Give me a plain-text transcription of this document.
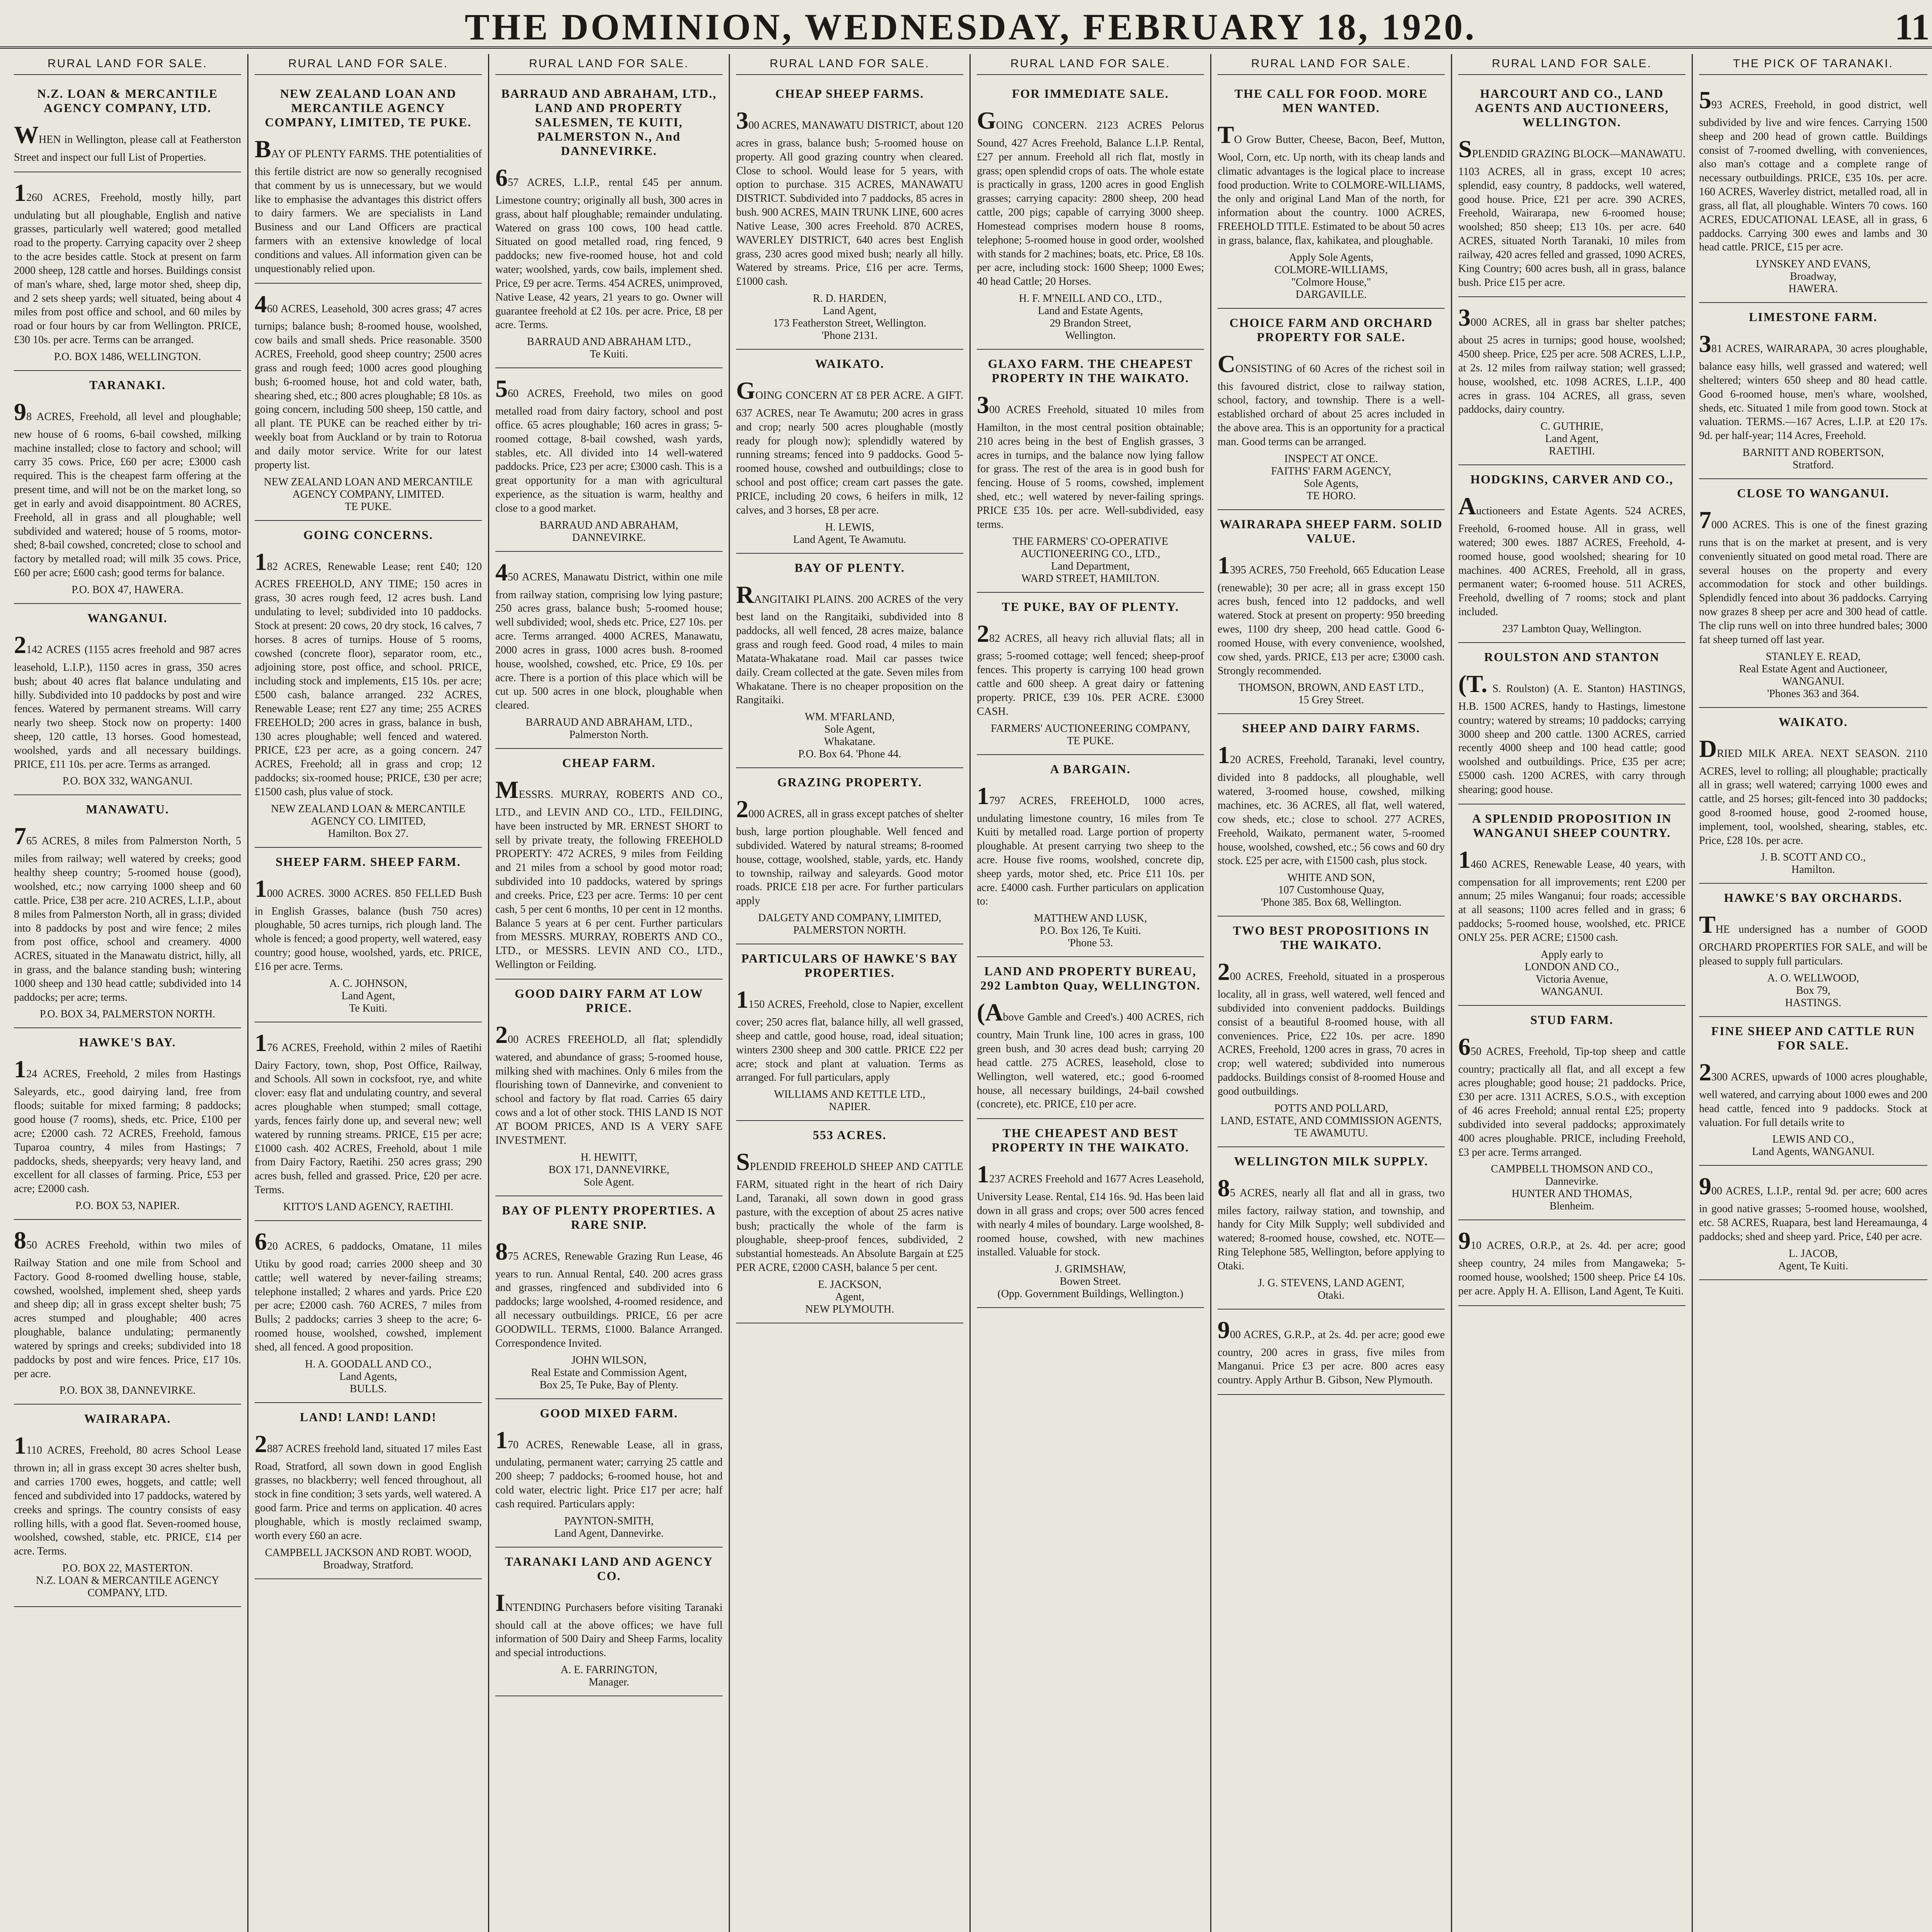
THE DOMINION, WEDNESDAY, FEBRUARY 18, 1920.	11
RURAL LAND FOR SALE.
N.Z. LOAN & MERCANTILE AGENCY COMPANY, LTD.

WHEN in Wellington, please call at Featherston Street and inspect our full List of Properties.

1260 ACRES, Freehold, mostly hilly, part undulating but all ploughable, English and native grasses, particularly well watered; good metalled road to the property. Carrying capacity over 2 sheep to the acre besides cattle. Stock at present on farm 2000 sheep, 128 cattle and horses. Buildings consist of man's whare, shed, large motor shed, sheep dip, and 2 sets sheep yards; well situated, being about 4 miles from post office and school, and 60 miles by road or four hours by car from Wellington. PRICE, £30 10s. per acre. Terms can be arranged.

P.O. BOX 1486, WELLINGTON.
TARANAKI.

98 ACRES, Freehold, all level and ploughable; new house of 6 rooms, 6-bail cowshed, milking machine installed; close to factory and school; will carry 35 cows. Price, £60 per acre; £3000 cash required. This is the cheapest farm offering at the present time, and will not be on the market long, so get in early and avoid disappointment. 80 ACRES, Freehold, all in grass and all ploughable; well subdivided and watered; house of 5 rooms, motor-shed; 8-bail cowshed, concreted; close to school and factory by metalled road; will milk 35 cows. Price, £60 per acre; £600 cash; good terms for balance.

P.O. BOX 47, HAWERA.
WANGANUI.

2142 ACRES (1155 acres freehold and 987 acres leasehold, L.I.P.), 1150 acres in grass, 350 acres bush; about 40 acres flat balance undulating and hilly. Subdivided into 10 paddocks by post and wire fences. Watered by permanent streams. Will carry nearly two sheep. Stock now on property: 1400 sheep, 120 cattle, 13 horses. Good homestead, woolshed, yards and all necessary buildings. PRICE, £11 10s. per acre. Terms as arranged.

P.O. BOX 332, WANGANUI.
MANAWATU.

765 ACRES, 8 miles from Palmerston North, 5 miles from railway; well watered by creeks; good healthy sheep country; 5-roomed house (good), woolshed, etc.; now carrying 1000 sheep and 60 cattle. Price, £38 per acre. 210 ACRES, L.I.P., about 8 miles from Palmerston North, all in grass; divided into 8 paddocks by post and wire fence; 2 miles from post office, school and creamery. 4000 ACRES, situated in the Manawatu district, hilly, all in grass, and the balance standing bush; wintering 1000 sheep and 130 head cattle; subdivided into 14 paddocks; per acre; terms.

P.O. BOX 34, PALMERSTON NORTH.
HAWKE'S BAY.

124 ACRES, Freehold, 2 miles from Hastings Saleyards, etc., good dairying land, free from floods; suitable for mixed farming; 8 paddocks; good house (7 rooms), sheds, etc. Price, £100 per acre; £2000 cash. 72 ACRES, Freehold, famous Tuparoa country, 4 miles from Hastings; 7 paddocks, sheds, sheepyards; very heavy land, and excellent for all classes of farming. Price, £53 per acre; £2000 cash.

P.O. BOX 53, NAPIER.

850 ACRES Freehold, within two miles of Railway Station and one mile from School and Factory. Good 8-roomed dwelling house, stable, cowshed, woolshed, implement shed, sheep yards and sheep dip; all in grass except shelter bush; 75 acres stumped and ploughable; 400 acres ploughable, balance undulating; permanently watered by springs and creeks; subdivided into 18 paddocks by post and wire fences. Price, £17 10s. per acre.

P.O. BOX 38, DANNEVIRKE.
WAIRARAPA.

1110 ACRES, Freehold, 80 acres School Lease thrown in; all in grass except 30 acres shelter bush, and carries 1700 ewes, hoggets, and cattle; well fenced and subdivided into 17 paddocks, watered by creeks and springs. The country consists of easy rolling hills, with a good flat. Seven-roomed house, woolshed, cowshed, stable, etc. PRICE, £14 per acre. Terms.

P.O. BOX 22, MASTERTON.
N.Z. LOAN & MERCANTILE AGENCY COMPANY, LTD.
RURAL LAND FOR SALE.
NEW ZEALAND LOAN AND MERCANTILE AGENCY COMPANY, LIMITED, TE PUKE.

BAY OF PLENTY FARMS. THE potentialities of this fertile district are now so generally recognised that comment by us is unnecessary, but we would like to emphasise the advantages this district offers to dairy farmers. We are specialists in Land Business and our Land Officers are practical farmers with an extensive knowledge of local conditions and values. All information given can be unquestionably relied upon.

460 ACRES, Leasehold, 300 acres grass; 47 acres turnips; balance bush; 8-roomed house, woolshed, cow bails and small sheds. Price reasonable. 3500 ACRES, Freehold, good sheep country; 2500 acres grass and rough feed; 1000 acres good ploughing bush; 6-roomed house, hot and cold water, bath, shearing shed, etc.; 800 acres ploughable; £8 10s. as going concern, including 500 sheep, 150 cattle, and all plant. TE PUKE can be reached either by tri-weekly boat from Auckland or by train to Rotorua and daily motor service. Write for our latest property list.

NEW ZEALAND LOAN AND MERCANTILE AGENCY COMPANY, LIMITED.
TE PUKE.
GOING CONCERNS.

182 ACRES, Renewable Lease; rent £40; 120 ACRES FREEHOLD, ANY TIME; 150 acres in grass, 30 acres rough feed, 12 acres bush. Land undulating to level; subdivided into 10 paddocks. Stock at present: 20 cows, 20 dry stock, 16 calves, 7 horses. 8 acres of turnips. House of 5 rooms, cowshed (concrete floor), separator room, etc., adjoining store, post office, and school. PRICE, including stock and implements, £15 10s. per acre; £500 cash, balance arranged. 232 ACRES, Renewable Lease; rent £27 any time; 255 ACRES FREEHOLD; 200 acres in grass, balance in bush, 130 acres ploughable; well fenced and watered. PRICE, £23 per acre, as a going concern. 247 ACRES, Freehold; all in grass and crop; 12 paddocks; six-roomed house; PRICE, £30 per acre; £1500 cash, plus value of stock.

NEW ZEALAND LOAN & MERCANTILE AGENCY CO. LIMITED,
Hamilton. Box 27.
SHEEP FARM. SHEEP FARM.

1000 ACRES. 3000 ACRES. 850 FELLED Bush in English Grasses, balance (bush 750 acres) ploughable, 50 acres turnips, rich plough land. The whole is fenced; a good property, well watered, easy country; good house, woolshed, yards, etc. PRICE, £16 per acre. Terms.

A. C. JOHNSON,
Land Agent,
Te Kuiti.

176 ACRES, Freehold, within 2 miles of Raetihi Dairy Factory, town, shop, Post Office, Railway, and Schools. All sown in cocksfoot, rye, and white clover: easy flat and undulating country, and several acres ploughable when stumped; small cottage, yards, fences fairly done up, and several new; well watered by running streams. PRICE, £15 per acre; £1000 cash. 402 ACRES, Freehold, about 1 mile from Dairy Factory, Raetihi. 250 acres grass; 290 acres bush, felled and grassed. Price, £20 per acre. Terms.

KITTO'S LAND AGENCY, RAETIHI.

620 ACRES, 6 paddocks, Omatane, 11 miles Utiku by good road; carries 2000 sheep and 30 cattle; well watered by never-failing streams; telephone installed; 2 whares and yards. Price £20 per acre; £2000 cash. 760 ACRES, 7 miles from Bulls; 2 paddocks; carries 3 sheep to the acre; 6-roomed house, woolshed, cowshed, implement shed, all fenced. A good proposition.

H. A. GOODALL AND CO.,
Land Agents,
BULLS.
LAND! LAND! LAND!

2887 ACRES freehold land, situated 17 miles East Road, Stratford, all sown down in good English grasses, no blackberry; well fenced throughout, all stock in fine condition; 3 sets yards, well watered. A good farm. Price and terms on application. 40 acres ploughable, which is mostly reclaimed swamp, worth every £60 an acre.

CAMPBELL JACKSON AND ROBT. WOOD,
Broadway, Stratford.
RURAL LAND FOR SALE.
BARRAUD AND ABRAHAM, LTD., LAND AND PROPERTY SALESMEN, TE KUITI, PALMERSTON N., And DANNEVIRKE.

657 ACRES, L.I.P., rental £45 per annum. Limestone country; originally all bush, 300 acres in grass, about half ploughable; remainder undulating. Watered on grass 100 cows, 100 head cattle. Situated on good metalled road, ring fenced, 9 paddocks; new five-roomed house, hot and cold water; woolshed, yards, cow bails, implement shed. Price, £9 per acre. Terms. 454 ACRES, unimproved, Native Lease, 42 years, 21 years to go. Owner will guarantee freehold at £2 10s. per acre. Price, £8 per acre. Terms.

BARRAUD AND ABRAHAM LTD.,
Te Kuiti.

560 ACRES, Freehold, two miles on good metalled road from dairy factory, school and post office. 65 acres ploughable; 160 acres in grass; 5-roomed cottage, 8-bail cowshed, wash yards, stables, etc. All divided into 14 well-watered paddocks. Price, £23 per acre; £3000 cash. This is a great opportunity for a man with agricultural experience, as the situation is warm, healthy and close to a good market.

BARRAUD AND ABRAHAM,
DANNEVIRKE.

450 ACRES, Manawatu District, within one mile from railway station, comprising low lying pasture; 250 acres grass, balance bush; 5-roomed house; well subdivided; wool, sheds etc. Price, £27 10s. per acre. Terms arranged. 4000 ACRES, Manawatu, 2000 acres in grass, 1000 acres bush. 8-roomed house, woolshed, cowshed, etc. Price, £9 10s. per acre. There is a portion of this place which will be cut up. 500 acres in one block, ploughable when cleared.

BARRAUD AND ABRAHAM, LTD.,
Palmerston North.
CHEAP FARM.

MESSRS. MURRAY, ROBERTS AND CO., LTD., and LEVIN AND CO., LTD., FEILDING, have been instructed by MR. ERNEST SHORT to sell by private treaty, the following FREEHOLD PROPERTY: 472 ACRES, 9 miles from Feilding and 21 miles from a school by good motor road; subdivided into 10 paddocks, watered by springs and creeks. Price, £23 per acre. Terms: 10 per cent cash, 5 per cent 6 months, 10 per cent in 12 months. Balance 5 years at 6 per cent. Further particulars from MESSRS. MURRAY, ROBERTS AND CO., LTD., or MESSRS. LEVIN AND CO., LTD., Wellington or Feilding.

GOOD DAIRY FARM AT LOW PRICE.

200 ACRES FREEHOLD, all flat; splendidly watered, and abundance of grass; 5-roomed house, milking shed with machines. Only 6 miles from the flourishing town of Dannevirke, and convenient to school and factory by flat road. Carries 65 dairy cows and a lot of other stock. THIS LAND IS NOT AT BOOM PRICES, AND IS A VERY SAFE INVESTMENT.

H. HEWITT,
BOX 171, DANNEVIRKE,
Sole Agent.
BAY OF PLENTY PROPERTIES. A RARE SNIP.

875 ACRES, Renewable Grazing Run Lease, 46 years to run. Annual Rental, £40. 200 acres grass and grasses, ringfenced and subdivided into 6 paddocks; large woolshed, 4-roomed residence, and all necessary outbuildings. PRICE, £6 per acre GOODWILL. TERMS, £1000. Balance Arranged. Correspondence Invited.

JOHN WILSON,
Real Estate and Commission Agent,
Box 25, Te Puke, Bay of Plenty.
GOOD MIXED FARM.

170 ACRES, Renewable Lease, all in grass, undulating, permanent water; carrying 25 cattle and 200 sheep; 7 paddocks; 6-roomed house, hot and cold water, electric light. Price £17 per acre; half cash required. Particulars apply:

PAYNTON-SMITH,
Land Agent, Dannevirke.
TARANAKI LAND AND AGENCY CO.

INTENDING Purchasers before visiting Taranaki should call at the above offices; we have full information of 500 Dairy and Sheep Farms, locality and special introductions.

A. E. FARRINGTON,
Manager.
RURAL LAND FOR SALE.
CHEAP SHEEP FARMS.

300 ACRES, MANAWATU DISTRICT, about 120 acres in grass, balance bush; 5-roomed house on property. All good grazing country when cleared. Close to school. Would lease for 5 years, with option to purchase. 315 ACRES, MANAWATU DISTRICT. Subdivided into 7 paddocks, 85 acres in bush. 900 ACRES, MAIN TRUNK LINE, 600 acres Native Lease, 300 acres Freehold. 870 ACRES, WAVERLEY DISTRICT, 640 acres best English grass, 230 acres good mixed bush; nearly all hilly. Watered by streams. Price, £16 per acre. Terms, £1000 cash.

R. D. HARDEN,
Land Agent,
173 Featherston Street, Wellington.
'Phone 2131.
WAIKATO.

GOING CONCERN AT £8 PER ACRE. A GIFT. 637 ACRES, near Te Awamutu; 200 acres in grass and crop; nearly 500 acres ploughable (mostly ready for plough now); splendidly watered by running streams; fenced into 9 paddocks. Good 5-roomed house, cowshed and outbuildings; close to school and post office; cream cart passes the gate. PRICE, including 20 cows, 6 heifers in milk, 12 calves, and 3 horses, £8 per acre.

H. LEWIS,
Land Agent, Te Awamutu.
BAY OF PLENTY.

RANGITAIKI PLAINS. 200 ACRES of the very best land on the Rangitaiki, subdivided into 8 paddocks, all well fenced, 28 acres maize, balance grass and rough feed. Good road, 4 miles to main Matata-Whakatane road. Mail car passes twice daily. Cream collected at the gate. Seven miles from Whakatane. There is no cheaper proposition on the Rangitaiki.

WM. M'FARLAND,
Sole Agent,
Whakatane.
P.O. Box 64. 'Phone 44.
GRAZING PROPERTY.

2000 ACRES, all in grass except patches of shelter bush, large portion ploughable. Well fenced and subdivided. Watered by natural streams; 8-roomed house, cottage, woolshed, stable, yards, etc. Handy to township, railway and saleyards. Good motor roads. PRICE £18 per acre. For further particulars apply

DALGETY AND COMPANY, LIMITED,
PALMERSTON NORTH.
PARTICULARS OF HAWKE'S BAY PROPERTIES.

1150 ACRES, Freehold, close to Napier, excellent cover; 250 acres flat, balance hilly, all well grassed, sheep and cattle, good house, road, ideal situation; winters 2300 sheep and 300 cattle. PRICE £22 per acre; stock and plant at valuation. Terms as arranged. For full particulars, apply

WILLIAMS AND KETTLE LTD.,
NAPIER.
553 ACRES.

SPLENDID FREEHOLD SHEEP AND CATTLE FARM, situated right in the heart of rich Dairy Land, Taranaki, all sown down in good grass pasture, with the exception of about 25 acres native bush; practically the whole of the farm is ploughable, sheep-proof fences, subdivided, 2 substantial homesteads. An Absolute Bargain at £25 PER ACRE, £2000 CASH, balance 5 per cent.

E. JACKSON,
Agent,
NEW PLYMOUTH.
RURAL LAND FOR SALE.
FOR IMMEDIATE SALE.

GOING CONCERN. 2123 ACRES Pelorus Sound, 427 Acres Freehold, Balance L.I.P. Rental, £27 per annum. Freehold all rich flat, mostly in grass; open splendid crops of oats. The whole estate is practically in grass, 1200 acres in good English grasses; carrying capacity: 2800 sheep, 200 head cattle, 200 pigs; capable of carrying 3000 sheep. Homestead comprises modern house 8 rooms, telephone; 5-roomed house in good order, woolshed with stands for 2 machines; boats, etc. Price, £8 10s. per acre, including stock: 1600 Sheep; 1000 Ewes; 40 head Cattle; 20 Horses.

H. F. M'NEILL AND CO., LTD.,
Land and Estate Agents,
29 Brandon Street,
Wellington.
GLAXO FARM. THE CHEAPEST PROPERTY IN THE WAIKATO.

300 ACRES Freehold, situated 10 miles from Hamilton, in the most central position obtainable; 210 acres being in the best of English grasses, 3 acres in turnips, and the balance now lying fallow for grass. The rest of the area is in good bush for fencing. House of 5 rooms, cowshed, implement shed, etc.; well watered by never-failing springs. PRICE £35 10s. per acre. Well-subdivided, easy terms.

THE FARMERS' CO-OPERATIVE AUCTIONEERING CO., LTD.,
Land Department,
WARD STREET, HAMILTON.
TE PUKE, BAY OF PLENTY.

282 ACRES, all heavy rich alluvial flats; all in grass; 5-roomed cottage; well fenced; sheep-proof fences. This property is carrying 100 head grown cattle and 600 sheep. A great dairy or fattening property. PRICE, £39 10s. PER ACRE. £3000 CASH.

FARMERS' AUCTIONEERING COMPANY,
TE PUKE.
A BARGAIN.

1797 ACRES, FREEHOLD, 1000 acres, undulating limestone country, 16 miles from Te Kuiti by metalled road. Large portion of property ploughable. At present carrying two sheep to the acre. House five rooms, woolshed, concrete dip, sheep yards, motor shed, etc. Price £11 10s. per acre. £4000 cash. Further particulars on application to:

MATTHEW AND LUSK,
P.O. Box 126, Te Kuiti.
'Phone 53.
LAND AND PROPERTY BUREAU, 292 Lambton Quay, WELLINGTON.

(Above Gamble and Creed's.) 400 ACRES, rich country, Main Trunk line, 100 acres in grass, 100 green bush, and 30 acres dead bush; carrying 20 head cattle. 275 ACRES, leasehold, close to Wellington, well watered, etc.; good 6-roomed house, all necessary buildings, 24-bail cowshed (concrete), etc. PRICE, £10 per acre.

THE CHEAPEST AND BEST PROPERTY IN THE WAIKATO.

1237 ACRES Freehold and 1677 Acres Leasehold, University Lease. Rental, £14 16s. 9d. Has been laid down in all grass and crops; over 500 acres fenced with nearly 4 miles of boundary. Large woolshed, 8-roomed house, cowshed, with new machines installed. Valuable for stock.

J. GRIMSHAW,
Bowen Street.
(Opp. Government Buildings, Wellington.)
RURAL LAND FOR SALE.
THE CALL FOR FOOD. MORE MEN WANTED.

TO Grow Butter, Cheese, Bacon, Beef, Mutton, Wool, Corn, etc. Up north, with its cheap lands and climatic advantages is the logical place to increase food production. Write to COLMORE-WILLIAMS, the only and original Land Man of the north, for information about the country. 1000 ACRES, FREEHOLD TITLE. Estimated to be about 50 acres in grass, balance, flax, kahikatea, and ploughable.

Apply Sole Agents,
COLMORE-WILLIAMS,
"Colmore House,"
DARGAVILLE.
CHOICE FARM AND ORCHARD PROPERTY FOR SALE.

CONSISTING of 60 Acres of the richest soil in this favoured district, close to railway station, school, factory, and township. There is a well-established orchard of about 25 acres included in the above area. This is an opportunity for a practical man. Good terms can be arranged.

INSPECT AT ONCE.
FAITHS' FARM AGENCY,
Sole Agents,
TE HORO.
WAIRARAPA SHEEP FARM. SOLID VALUE.

1395 ACRES, 750 Freehold, 665 Education Lease (renewable); 30 per acre; all in grass except 150 acres bush, fenced into 12 paddocks, and well watered. Stock at present on property: 950 breeding ewes, 1100 dry sheep, 200 head cattle. Good 6-roomed House, with every convenience, woolshed, cow shed, yards. PRICE, £13 per acre; £3000 cash. Strongly recommended.

THOMSON, BROWN, AND EAST LTD.,
15 Grey Street.
SHEEP AND DAIRY FARMS.

120 ACRES, Freehold, Taranaki, level country, divided into 8 paddocks, all ploughable, well watered, 3-roomed house, cowshed, milking machines, etc. 36 ACRES, all flat, well watered, cow sheds, etc.; close to school. 277 ACRES, Freehold, Waikato, permanent water, 5-roomed house, woolshed, cowshed, etc.; 56 cows and 60 dry stock. £25 per acre, with £1500 cash, plus stock.

WHITE AND SON,
107 Customhouse Quay,
'Phone 385. Box 68, Wellington.
TWO BEST PROPOSITIONS IN THE WAIKATO.

200 ACRES, Freehold, situated in a prosperous locality, all in grass, well watered, well fenced and subdivided into convenient paddocks. Buildings consist of a beautiful 8-roomed house, with all conveniences. Price, £22 10s. per acre. 1890 ACRES, Freehold, 1200 acres in grass, 70 acres in crop; well watered; subdivided into numerous paddocks. Buildings consist of 8-roomed House and good outbuildings.

POTTS AND POLLARD,
LAND, ESTATE, AND COMMISSION AGENTS,
TE AWAMUTU.
WELLINGTON MILK SUPPLY.

85 ACRES, nearly all flat and all in grass, two miles factory, railway station, and township, and handy for City Milk Supply; well subdivided and watered; 8-roomed house, cowshed, etc. NOTE—Ring Telephone 585, Wellington, before applying to Otaki.

J. G. STEVENS, LAND AGENT,
Otaki.

900 ACRES, G.R.P., at 2s. 4d. per acre; good ewe country, 200 acres in grass, five miles from Manganui. Price £3 per acre. 800 acres easy country. Apply Arthur B. Gibson, New Plymouth.

RURAL LAND FOR SALE.
HARCOURT AND CO., LAND AGENTS AND AUCTIONEERS, WELLINGTON.

SPLENDID GRAZING BLOCK—MANAWATU. 1103 ACRES, all in grass, except 10 acres; splendid, easy country, 8 paddocks, well watered, good house. Price, £21 per acre. 390 ACRES, Freehold, Wairarapa, new 6-roomed house; woolshed; 850 sheep; £13 10s. per acre. 640 ACRES, situated North Taranaki, 10 miles from railway, 420 acres felled and grassed, 1090 ACRES, King Country; 600 acres bush, all in grass, balance bush. Price £15 per acre.

3000 ACRES, all in grass bar shelter patches; about 25 acres in turnips; good house, woolshed; 4500 sheep. Price, £25 per acre. 508 ACRES, L.I.P., at 2s. 12 miles from railway station; well grassed; house, woolshed, etc. 1098 ACRES, L.I.P., 400 acres in grass. 104 ACRES, all grass, seven paddocks, dairy country.

C. GUTHRIE,
Land Agent,
RAETIHI.
HODGKINS, CARVER AND CO.,

Auctioneers and Estate Agents. 524 ACRES, Freehold, 6-roomed house. All in grass, well watered; 300 ewes. 1887 ACRES, Freehold, 4-roomed house, good woolshed; shearing for 10 machines. 400 ACRES, Freehold, all in grass, permanent water; 6-roomed house. 511 ACRES, Freehold, dwelling of 7 rooms; stock and plant included.

237 Lambton Quay, Wellington.
ROULSTON AND STANTON

(T. S. Roulston) (A. E. Stanton) HASTINGS, H.B. 1500 ACRES, handy to Hastings, limestone country; watered by streams; 10 paddocks; carrying 3000 sheep and 200 cattle. 1300 ACRES, carried recently 4000 sheep and 100 head cattle; good woolshed and outbuildings. Price, £35 per acre; £5000 cash. 1200 ACRES, with carry through shearing; good house.

A SPLENDID PROPOSITION IN WANGANUI SHEEP COUNTRY.

1460 ACRES, Renewable Lease, 40 years, with compensation for all improvements; rent £200 per annum; 25 miles Wanganui; four roads; accessible at all seasons; 1100 acres felled and in grass; 6 paddocks; 5-roomed house, woolshed, etc. PRICE ONLY 25s. PER ACRE; £1500 cash.

Apply early to
LONDON AND CO.,
Victoria Avenue,
WANGANUI.
STUD FARM.

650 ACRES, Freehold, Tip-top sheep and cattle country; practically all flat, and all except a few acres ploughable; good house; 21 paddocks. Price, £30 per acre. 1311 ACRES, S.O.S., with exception of 46 acres Freehold; annual rental £25; property subdivided into several paddocks; approximately 400 acres ploughable. PRICE, including Freehold, £3 per acre. Terms arranged.

CAMPBELL THOMSON AND CO.,
Dannevirke.
HUNTER AND THOMAS,
Blenheim.

910 ACRES, O.R.P., at 2s. 4d. per acre; good sheep country, 24 miles from Mangaweka; 5-roomed house, woolshed; 1500 sheep. Price £4 10s. per acre. Apply H. A. Ellison, Land Agent, Te Kuiti.

THE PICK OF TARANAKI.

593 ACRES, Freehold, in good district, well subdivided by live and wire fences. Carrying 1500 sheep and 200 head of grown cattle. Buildings consist of 7-roomed dwelling, with conveniences, also man's cottage and a complete range of necessary outbuildings. PRICE, £35 10s. per acre. 160 ACRES, Waverley district, metalled road, all in grass, all flat, all ploughable. Winters 70 cows. 160 ACRES, EDUCATIONAL LEASE, all in grass, 6 paddocks. Carrying 300 ewes and lambs and 30 head cattle. PRICE, £15 per acre.

LYNSKEY AND EVANS,
Broadway,
HAWERA.
LIMESTONE FARM.

381 ACRES, WAIRARAPA, 30 acres ploughable, balance easy hills, well grassed and watered; well sheltered; winters 650 sheep and 80 head cattle. Good 6-roomed house, men's whare, woolshed, sheds, etc. Situated 1 mile from good town. Stock at valuation. TERMS.—167 Acres, L.I.P. at £20 17s. 9d. per half-year; 114 Acres, Freehold.

BARNITT AND ROBERTSON,
Stratford.
CLOSE TO WANGANUI.

7000 ACRES. This is one of the finest grazing runs that is on the market at present, and is very conveniently situated on good metal road. There are several houses on the property and every accommodation for stock and other buildings. Splendidly fenced into about 36 paddocks. Carrying now grazes 8 sheep per acre and 300 head of cattle. The clip runs well on into three hundred bales; 3000 fat sheep turned off last year.

STANLEY E. READ,
Real Estate Agent and Auctioneer,
WANGANUI.
'Phones 363 and 364.
WAIKATO.

DRIED MILK AREA. NEXT SEASON. 2110 ACRES, level to rolling; all ploughable; practically all in grass; well watered; carrying 1000 ewes and cattle, and 25 horses; gilt-fenced into 30 paddocks; good 8-roomed house, good 2-roomed house, implement, tool, woolshed, shearing, stables, etc. Price, £28 10s. per acre.

J. B. SCOTT AND CO.,
Hamilton.
HAWKE'S BAY ORCHARDS.

THE undersigned has a number of GOOD ORCHARD PROPERTIES FOR SALE, and will be pleased to supply full particulars.

A. O. WELLWOOD,
Box 79,
HASTINGS.
FINE SHEEP AND CATTLE RUN FOR SALE.

2300 ACRES, upwards of 1000 acres ploughable, well watered, and carrying about 1000 ewes and 200 head cattle, fenced into 9 paddocks. Stock at valuation. For full details write to

LEWIS AND CO.,
Land Agents, WANGANUI.

900 ACRES, L.I.P., rental 9d. per acre; 600 acres in good native grasses; 5-roomed house, woolshed, etc. 58 ACRES, Ruapara, best land Hereamaunga, 4 paddocks; shed and sheep yard. Price, £40 per acre.

L. JACOB,
Agent, Te Kuiti.
